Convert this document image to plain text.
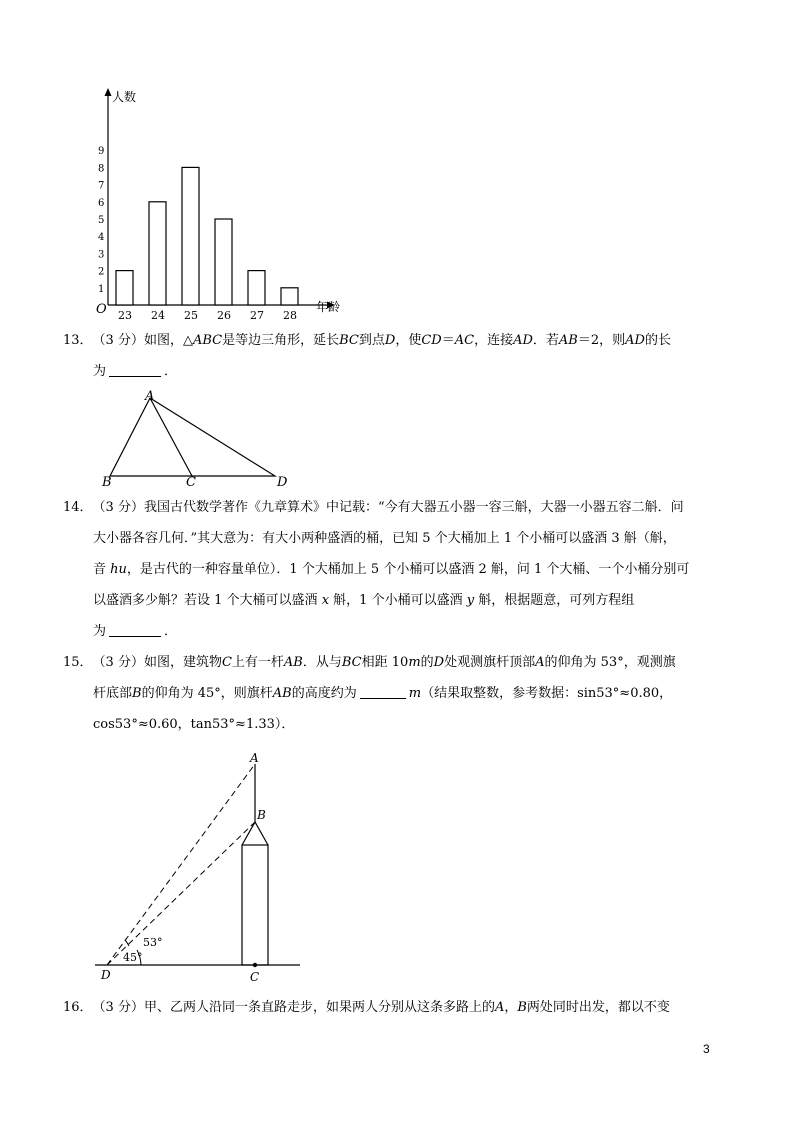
人数
年龄
O
1
2
3
4
5
6
7
8
9
23 24 25 26 27 28
13．（3 分）如图，△ABC是等边三角形，延长BC到点D，使CD＝AC，连接AD．若AB＝2，则AD的长
为	．
A
B	C	D
14．（3 分）我国古代数学著作《九章算术》中记载：“今有大器五小器一容三斛，大器一小器五容二斛．问
大小器各容几何．”其大意为：有大小两种盛酒的桶，已知 5 个大桶加上 1 个小桶可以盛酒 3 斛（斛，
音 hu，是古代的一种容量单位）．1 个大桶加上 5 个小桶可以盛酒 2 斛，问 1 个大桶、一个小桶分别可
以盛酒多少斛？若设 1 个大桶可以盛酒 x 斛，1 个小桶可以盛酒 y 斛，根据题意，可列方程组
为	．
15．（3 分）如图，建筑物C上有一杆AB．从与BC相距 10m的D处观测旗杆顶部A的仰角为 53°，观测旗
杆底部B的仰角为 45°，则旗杆AB的高度约为	m（结果取整数，参考数据：sin53°≈0.80，
cos53°≈0.60，tan53°≈1.33）．
A
B
C
D
53°
45°
16．（3 分）甲、乙两人沿同一条直路走步，如果两人分别从这条多路上的A，B两处同时出发，都以不变
3
